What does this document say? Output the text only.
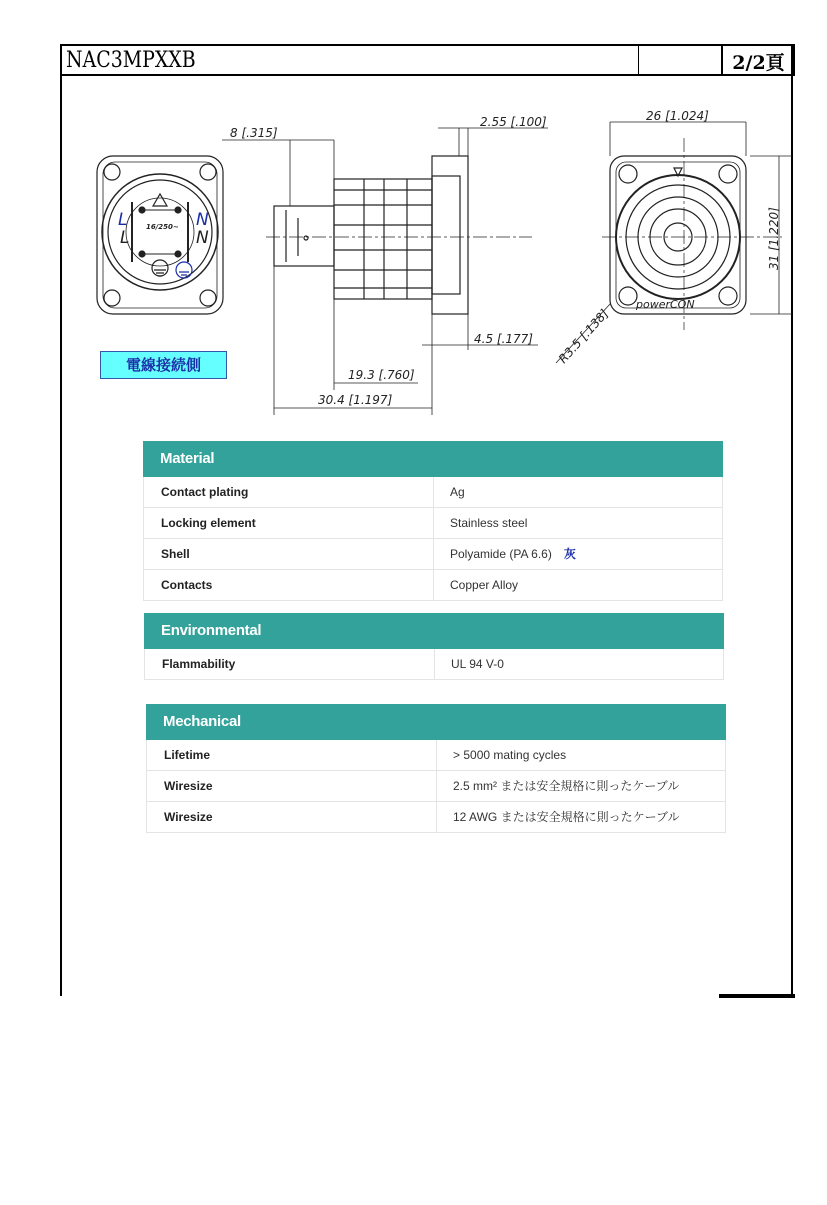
NAC3MPXXB	2/2頁
L
L
N
N
16/250~
8 [.315]
2.55 [.100]	26 [1.024]
4.5 [.177]
19.3 [.760]
30.4 [1.197]
31 [1.220]
R3.5 [.138]
powerCON
電線接続側
Material
Contact plating	Ag
Locking element	Stainless steel
Shell	Polyamide (PA 6.6) 灰
Contacts	Copper Alloy
Environmental
Flammability	UL 94 V-0
Mechanical
Lifetime	> 5000 mating cycles
Wiresize	2.5 mm² または安全規格に則ったケーブル
Wiresize	12 AWG または安全規格に則ったケーブル
